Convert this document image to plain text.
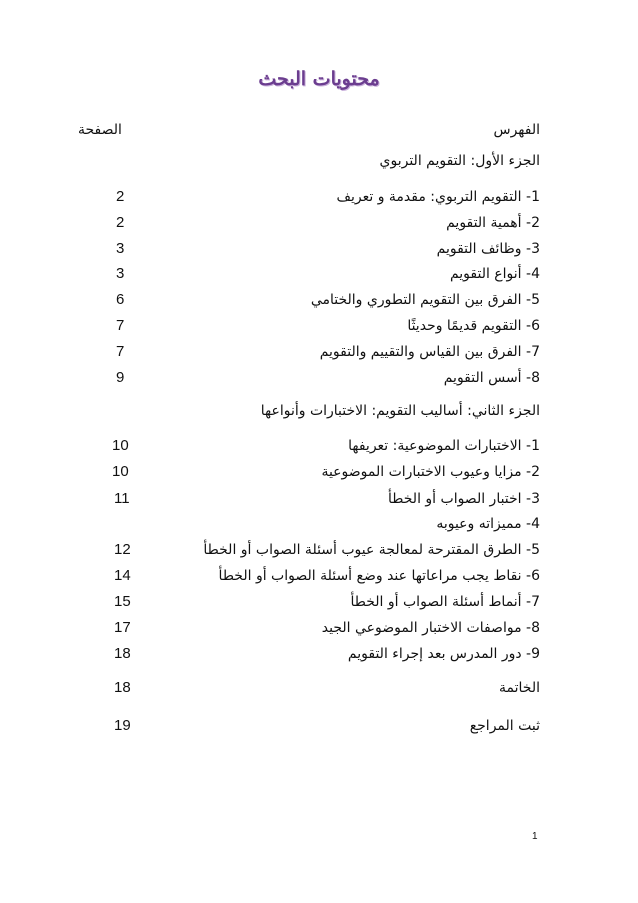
محتويات البحث
الفهرس
الصفحة
الجزء الأول: التقويم التربوي
1- التقويم التربوي: مقدمة و تعريف
2
2- أهمية التقويم
2
3- وظائف التقويم
3
4- أنواع التقويم
3
5- الفرق بين التقويم التطوري والختامي
6
6- التقويم قديمًا وحديثًا
7
7- الفرق بين القياس والتقييم والتقويم
7
8- أسس التقويم
9
الجزء الثاني: أساليب التقويم: الاختبارات وأنواعها
1- الاختبارات الموضوعية: تعريفها
10
2- مزايا وعيوب الاختبارات الموضوعية
10
3- اختبار الصواب أو الخطأ
11
4- مميزاته وعيوبه
5- الطرق المقترحة لمعالجة عيوب أسئلة الصواب أو الخطأ
12
6- نقاط يجب مراعاتها عند وضع أسئلة الصواب أو الخطأ
14
7- أنماط أسئلة الصواب أو الخطأ
15
8- مواصفات الاختبار الموضوعي الجيد
17
9- دور المدرس بعد إجراء التقويم
18
الخاتمة
18
ثبت المراجع
19
1
